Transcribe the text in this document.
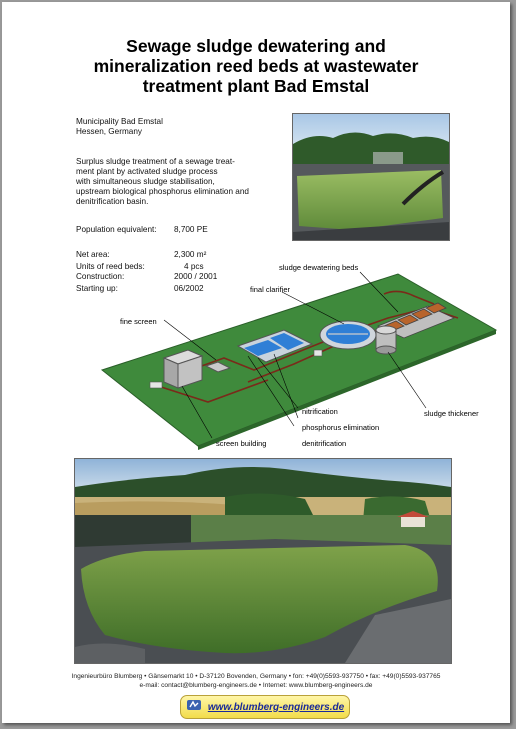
Sewage sludge dewatering and
mineralization reed beds at wastewater
treatment plant Bad Emstal
Municipality Bad Emstal
Hessen, Germany
Surplus sludge treatment of a sewage treat-
ment plant by activated sludge process
with simultaneous sludge stabilisation,
upstream biological phosphorus elimination and
denitrification basin.
Population equivalent: 8,700 PE
Net area:	2,300 m²
Units of reed beds:	4 pcs
Construction:	2000 / 2001
Starting up:	06/2002
sludge dewatering beds
final clarifier
fine screen
nitrification
phosphorus elimination
denitrification
screen building
sludge thickener
Ingenieurbüro Blumberg • Gänsemarkt 10 • D-37120 Bovenden, Germany • fon: +49(0)5593-937750 • fax: +49(0)5593-937765
e-mail: contact@blumberg-engineers.de • Internet: www.blumberg-engineers.de
www.blumberg-engineers.de
